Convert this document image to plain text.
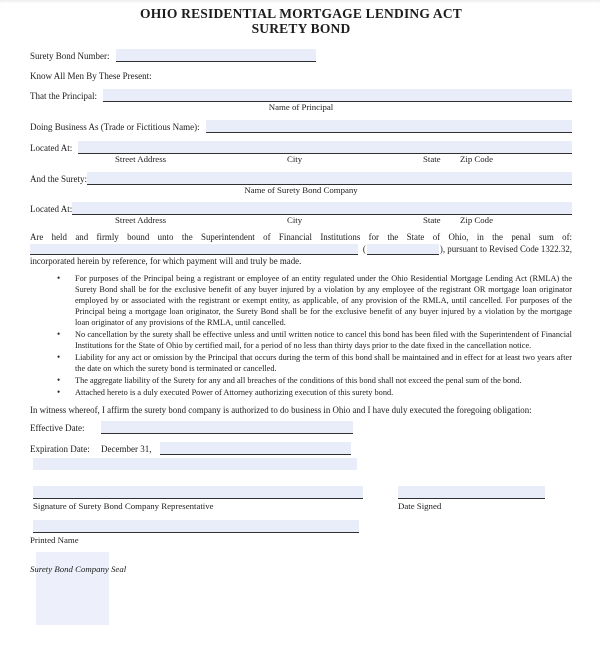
OHIO RESIDENTIAL MORTGAGE LENDING ACT
SURETY BOND
Surety Bond Number:
Know All Men By These Present:
That the Principal:
Name of Principal
Doing Business As (Trade or Fictitious Name):
Located At:
Street Address	City	State Zip Code
And the Surety:
Name of Surety Bond Company
Located At:
Street Address	City	State Zip Code
Are held and firmly bound unto the Superintendent of Financial Institutions for the State of Ohio, in the penal sum of:
(	), pursuant to Revised Code 1322.32,
incorporated herein by reference, for which payment will and truly be made.
• For purposes of the Principal being a registrant or employee of an entity regulated under the Ohio Residential Mortgage Lending Act (RMLA) the Surety Bond shall be for the exclusive benefit of any buyer injured by a violation by any employee of the registrant OR mortgage loan originator employed by or associated with the registrant or exempt entity, as applicable, of any provision of the RMLA, until cancelled. For purposes of the Principal being a mortgage loan originator, the Surety Bond shall be for the exclusive benefit of any buyer injured by a violation by the mortgage loan originator of any provisions of the RMLA, until cancelled.
• No cancellation by the surety shall be effective unless and until written notice to cancel this bond has been filed with the Superintendent of Financial Institutions for the State of Ohio by certified mail, for a period of no less than thirty days prior to the date fixed in the cancellation notice.
• Liability for any act or omission by the Principal that occurs during the term of this bond shall be maintained and in effect for at least two years after the date on which the surety bond is terminated or cancelled.
• The aggregate liability of the Surety for any and all breaches of the conditions of this bond shall not exceed the penal sum of the bond.
• Attached hereto is a duly executed Power of Attorney authorizing execution of this surety bond.
In witness whereof, I affirm the surety bond company is authorized to do business in Ohio and I have duly executed the foregoing obligation:
Effective Date:
Expiration Date:	December 31,
Signature of Surety Bond Company Representative	Date Signed
Printed Name
Surety Bond Company Seal
